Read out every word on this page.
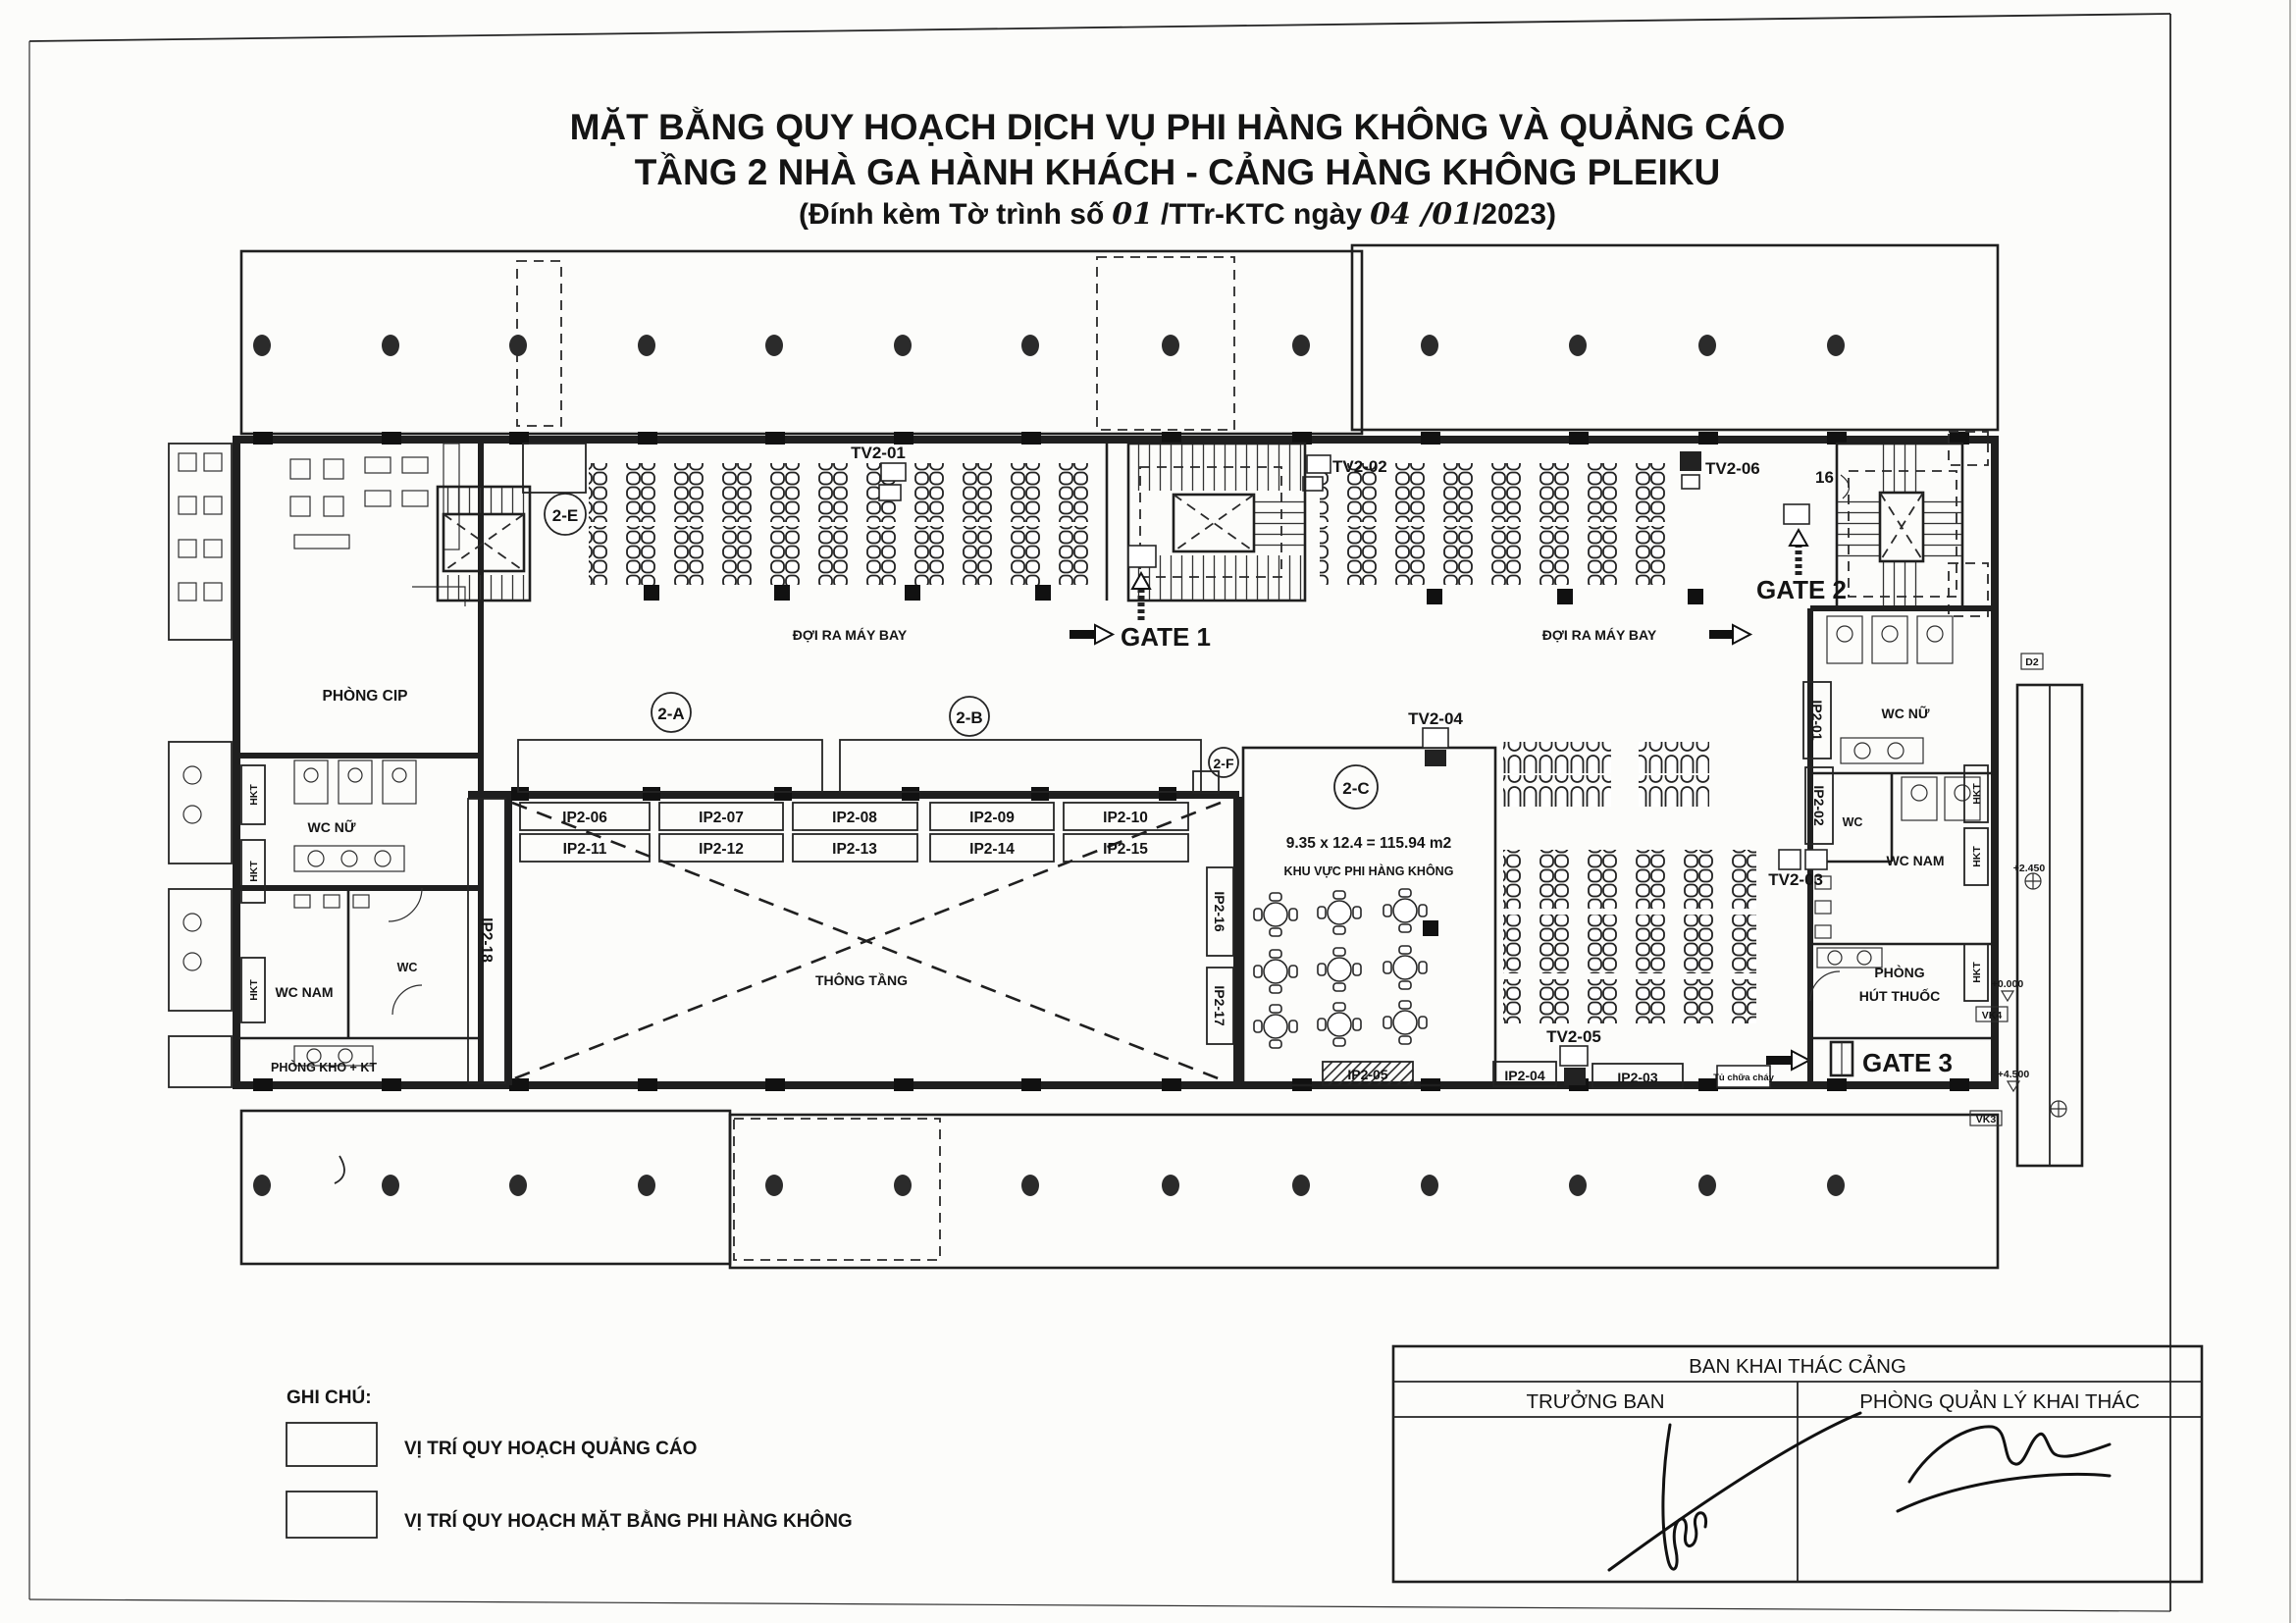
MẶT BẰNG QUY HOẠCH DỊCH VỤ PHI HÀNG KHÔNG VÀ QUẢNG CÁO
TẦNG 2 NHÀ GA HÀNH KHÁCH - CẢNG HÀNG KHÔNG PLEIKU
(Đính kèm Tờ trình số 01 /TTr-KTC ngày 04 /01/2023)
HKT
HKT
HKT
PHÒNG CIP
WC NỮ
WC
WC NAM
PHÒNG KHO + KT
2-E
ĐỢI RA MÁY BAY	ĐỢI RA MÁY BAY
TV2-01
TV2-02	TV2-06
GATE 1
16
GATE 2
D2
THÔNG TẦNG
IP2-18
IP2-16
IP2-17
2-A	2-B
2-F
IP2-06	IP2-07	IP2-08	IP2-09	IP2-10
IP2-11	IP2-12	IP2-13	IP2-14	IP2-15
2-C
TV2-04
9.35 x 12.4 = 115.94 m2
KHU VỰC PHI HÀNG KHÔNG
IP2-05	IP2-04
TV2-05
IP2-03	Tủ chữa cháy
WC NỮ
WC
WC NAM
PHÒNG
HÚT THUỐC
HKT
HKT
HKT
IP2-01
IP2-02
TV2-03
GATE 3
+2.450
+0.000
VK4
+4.500
VK3
GHI CHÚ:
VỊ TRÍ QUY HOẠCH QUẢNG CÁO
VỊ TRÍ QUY HOẠCH MẶT BẰNG PHI HÀNG KHÔNG
BAN KHAI THÁC CẢNG
TRƯỞNG BAN	PHÒNG QUẢN LÝ KHAI THÁC
